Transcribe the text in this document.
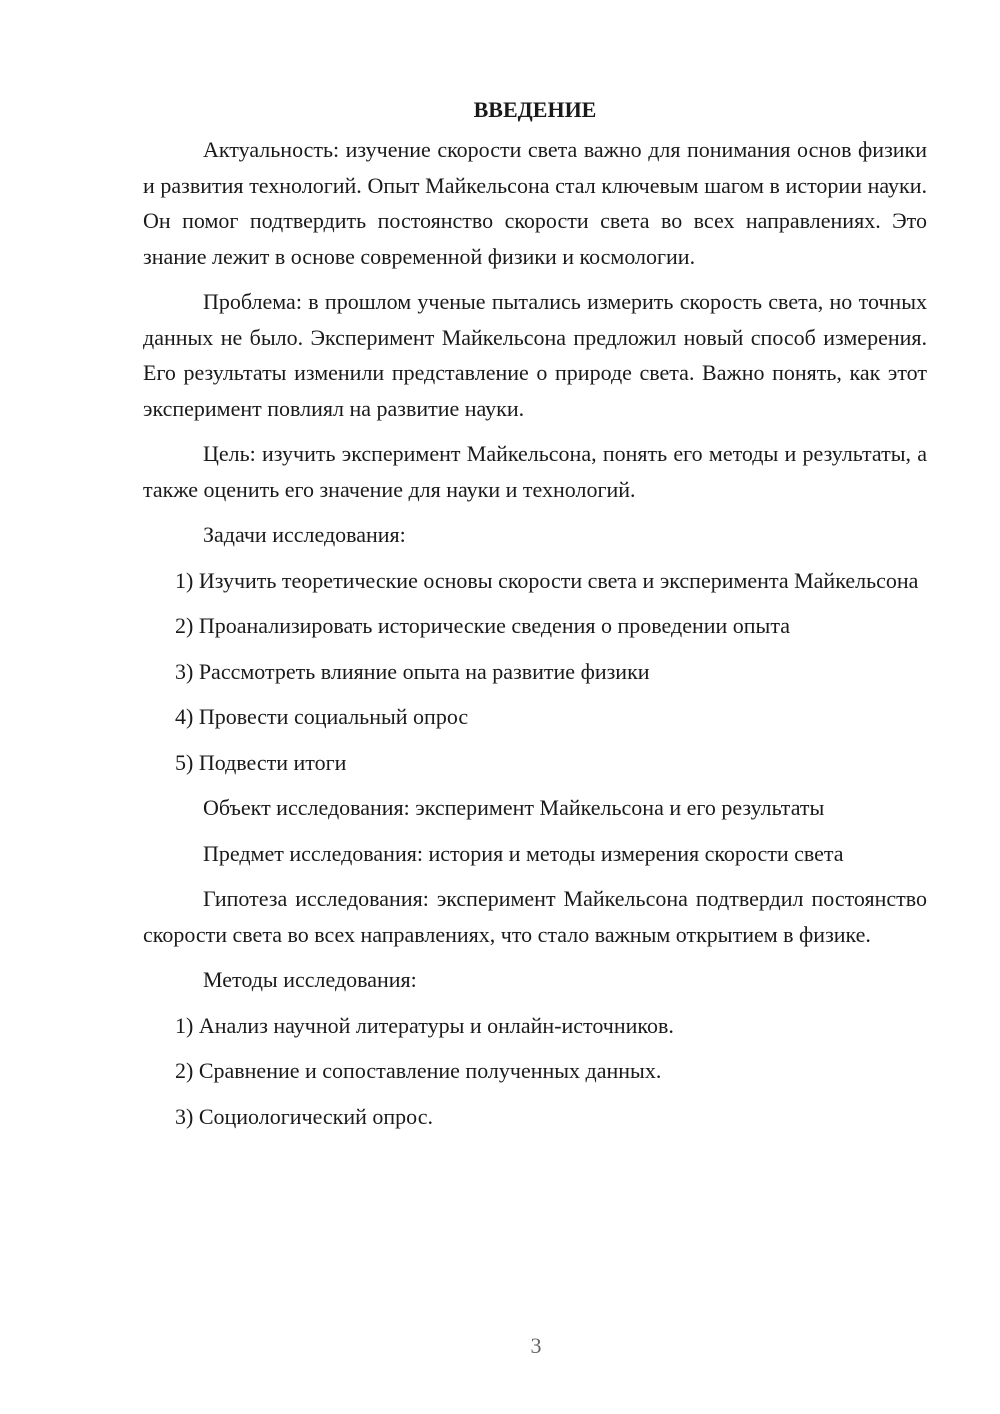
ВВЕДЕНИЕ
Актуальность: изучение скорости света важно для понимания основ физики и развития технологий. Опыт Майкельсона стал ключевым шагом в истории науки. Он помог подтвердить постоянство скорости света во всех направлениях. Это знание лежит в основе современной физики и космологии.
Проблема: в прошлом ученые пытались измерить скорость света, но точных данных не было. Эксперимент Майкельсона предложил новый способ измерения. Его результаты изменили представление о природе света. Важно понять, как этот эксперимент повлиял на развитие науки.
Цель: изучить эксперимент Майкельсона, понять его методы и результаты, а также оценить его значение для науки и технологий.
Задачи исследования:
1) Изучить теоретические основы скорости света и эксперимента Майкельсона
2) Проанализировать исторические сведения о проведении опыта
3) Рассмотреть влияние опыта на развитие физики
4) Провести социальный опрос
5) Подвести итоги
Объект исследования: эксперимент Майкельсона и его результаты
Предмет исследования: история и методы измерения скорости света
Гипотеза исследования: эксперимент Майкельсона подтвердил постоянство скорости света во всех направлениях, что стало важным открытием в физике.
Методы исследования:
1) Анализ научной литературы и онлайн-источников.
2) Сравнение и сопоставление полученных данных.
3) Социологический опрос.
3
